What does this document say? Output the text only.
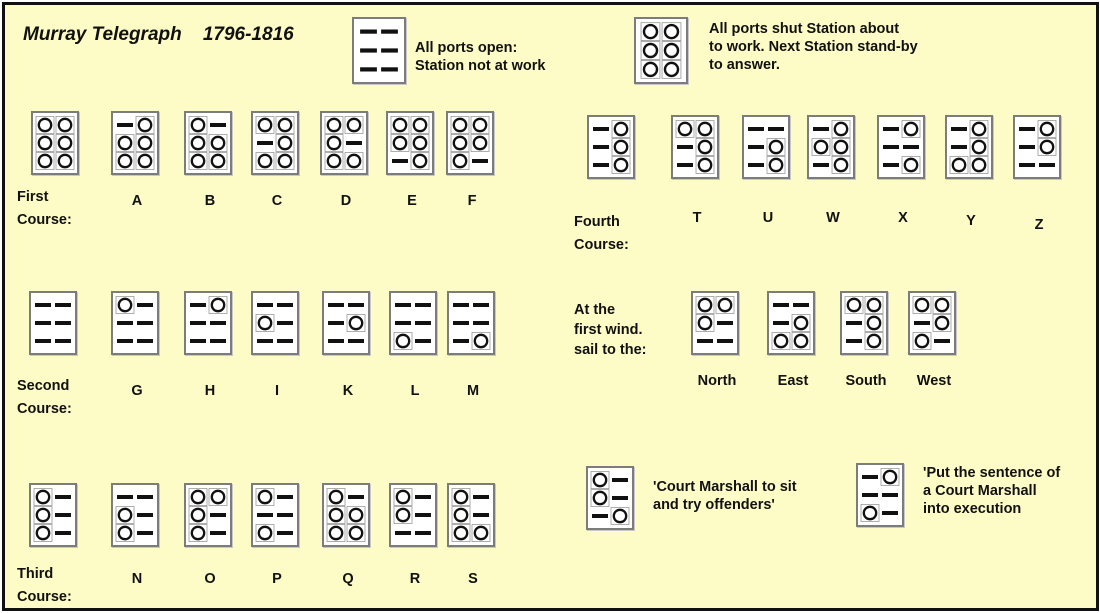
Murray Telegraph    1796-1816
All ports open:
Station not at work
All ports shut Station about
to work. Next Station stand-by
to answer.
First
Course:
Second
Course:
Third
Course:
Fourth
Course:
At the
first wind.
sail to the:
'Court Marshall to sit
and try offenders'
'Put the sentence of
a Court Marshall
into execution
A	B	C	D	E	F
G	H	I	K	L	M
N	O	P	Q	R	S
T	U	W	X	Y	Z
North	East	South West
